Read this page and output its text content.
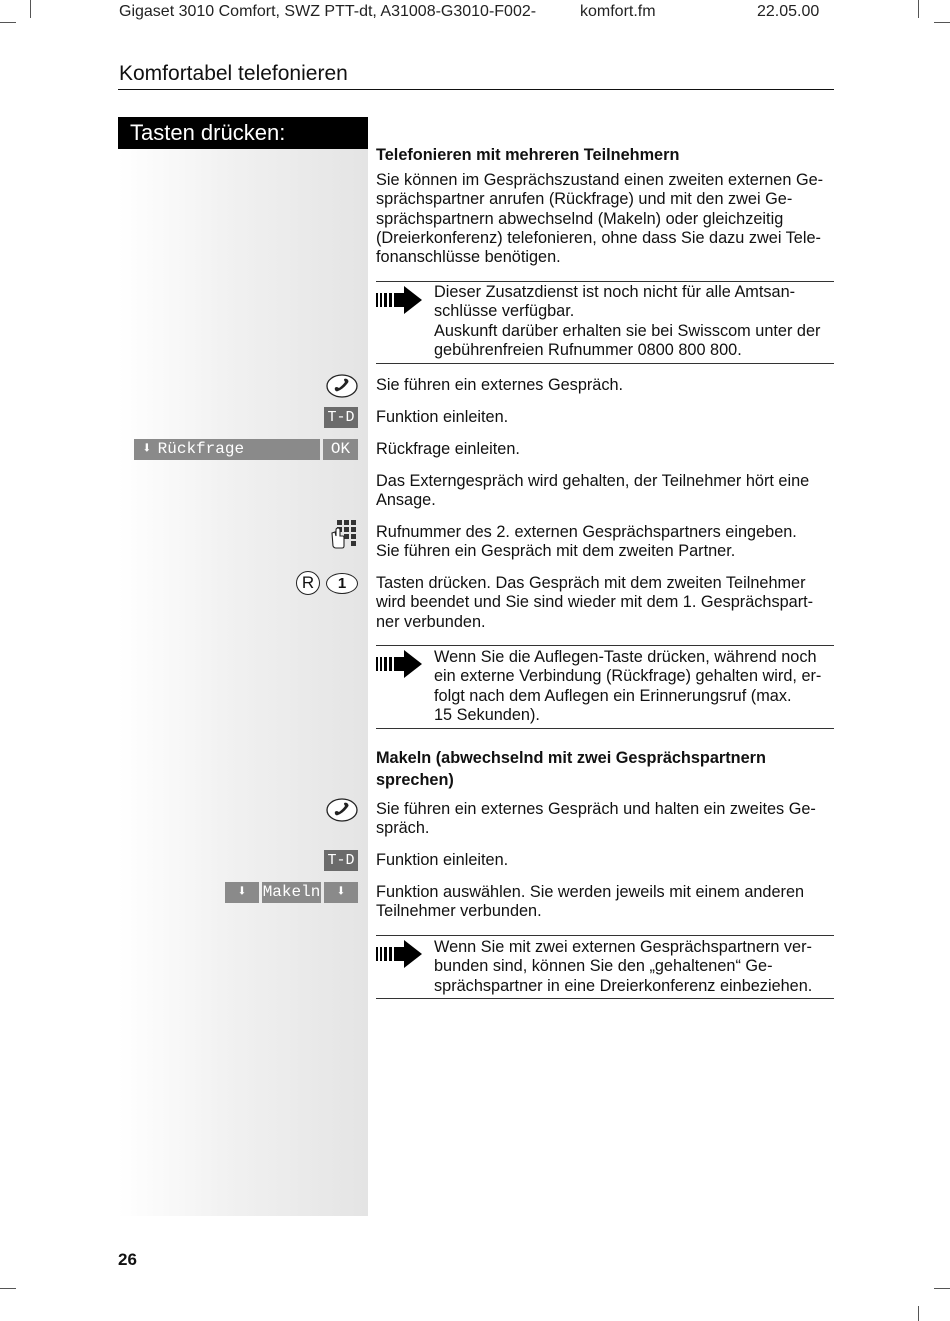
Gigaset 3010 Comfort, SWZ PTT-dt, A31008-G3010-F002-	komfort.fm	22.05.00
Komfortabel telefonieren
Tasten drücken:
Telefonieren mit mehreren Teilnehmern
Sie können im Gesprächszustand einen zweiten externen Ge-
sprächspartner anrufen (Rückfrage) und mit den zwei Ge-
sprächspartnern abwechselnd (Makeln) oder gleichzeitig
(Dreierkonferenz) telefonieren, ohne dass Sie dazu zwei Tele-
fonanschlüsse benötigen.
Dieser Zusatzdienst ist noch nicht für alle Amtsan-
schlüsse verfügbar.
Auskunft darüber erhalten sie bei Swisscom unter der
gebührenfreien Rufnummer 0800 800 800.
Sie führen ein externes Gespräch.
T-D Funktion einleiten.
⬇ Rückfrage	OK	Rückfrage einleiten.
Das Externgespräch wird gehalten, der Teilnehmer hört eine
Ansage.
Rufnummer des 2. externen Gesprächspartners eingeben.
Sie führen ein Gespräch mit dem zweiten Partner.
R	1	Tasten drücken. Das Gespräch mit dem zweiten Teilnehmer
wird beendet und Sie sind wieder mit dem 1. Gesprächspart-
ner verbunden.
Wenn Sie die Auflegen-Taste drücken, während noch
ein externe Verbindung (Rückfrage) gehalten wird, er-
folgt nach dem Auflegen ein Erinnerungsruf (max.
15 Sekunden).
Makeln (abwechselnd mit zwei Gesprächspartnern
sprechen)
Sie führen ein externes Gespräch und halten ein zweites Ge-
spräch.
T-D Funktion einleiten.
⬇ Makeln ⬇	Funktion auswählen. Sie werden jeweils mit einem anderen
Teilnehmer verbunden.
Wenn Sie mit zwei externen Gesprächspartnern ver-
bunden sind, können Sie den „gehaltenen“ Ge-
sprächspartner in eine Dreierkonferenz einbeziehen.
26
